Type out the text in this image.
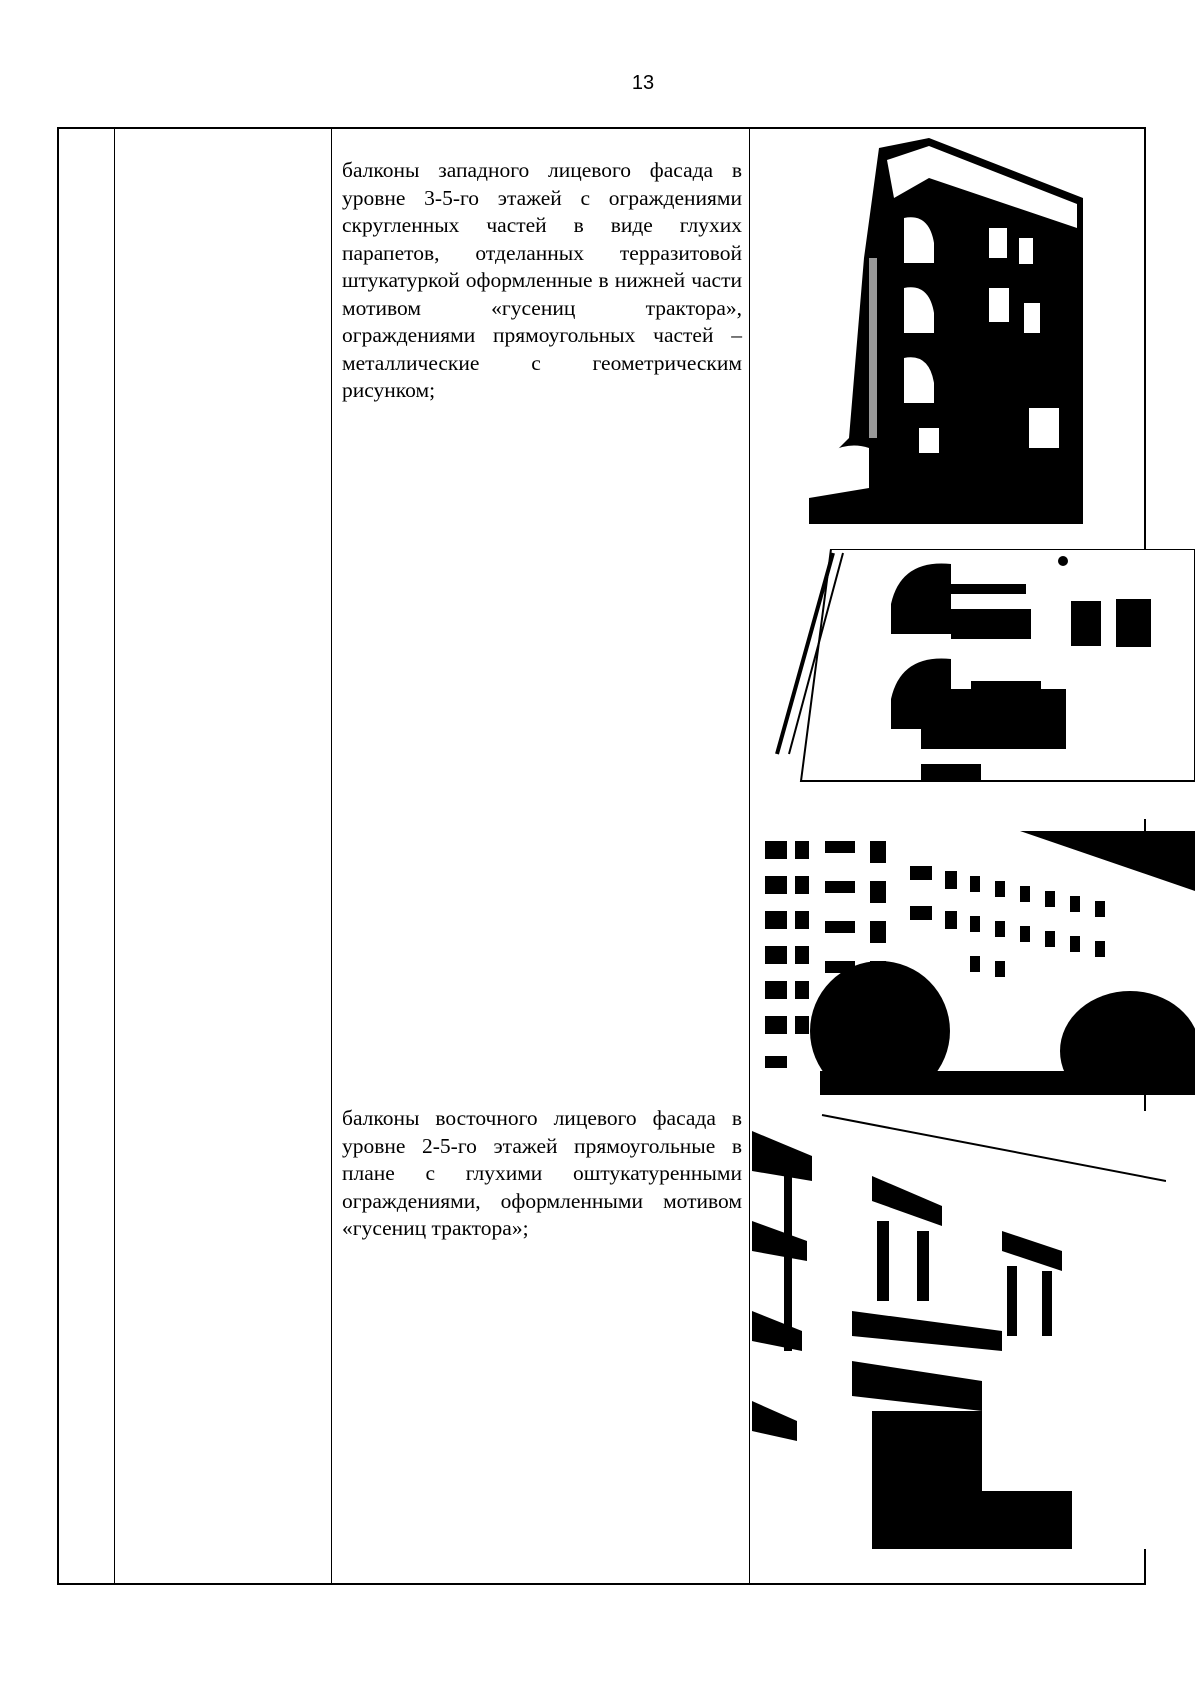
13
балконы западного лицевого фасада в уровне 3-5-го этажей с ограждениями скругленных частей в виде глухих парапетов, отделанных терразитовой штукатуркой оформленные в нижней части мотивом «гусениц трактора», ограждениями прямоугольных частей – металлические с геометрическим рисунком;
балконы восточного лицевого фасада в уровне 2-5-го этажей прямоугольные в плане с глухими оштукатуренными ограждениями, оформленными мотивом «гусениц трактора»;
